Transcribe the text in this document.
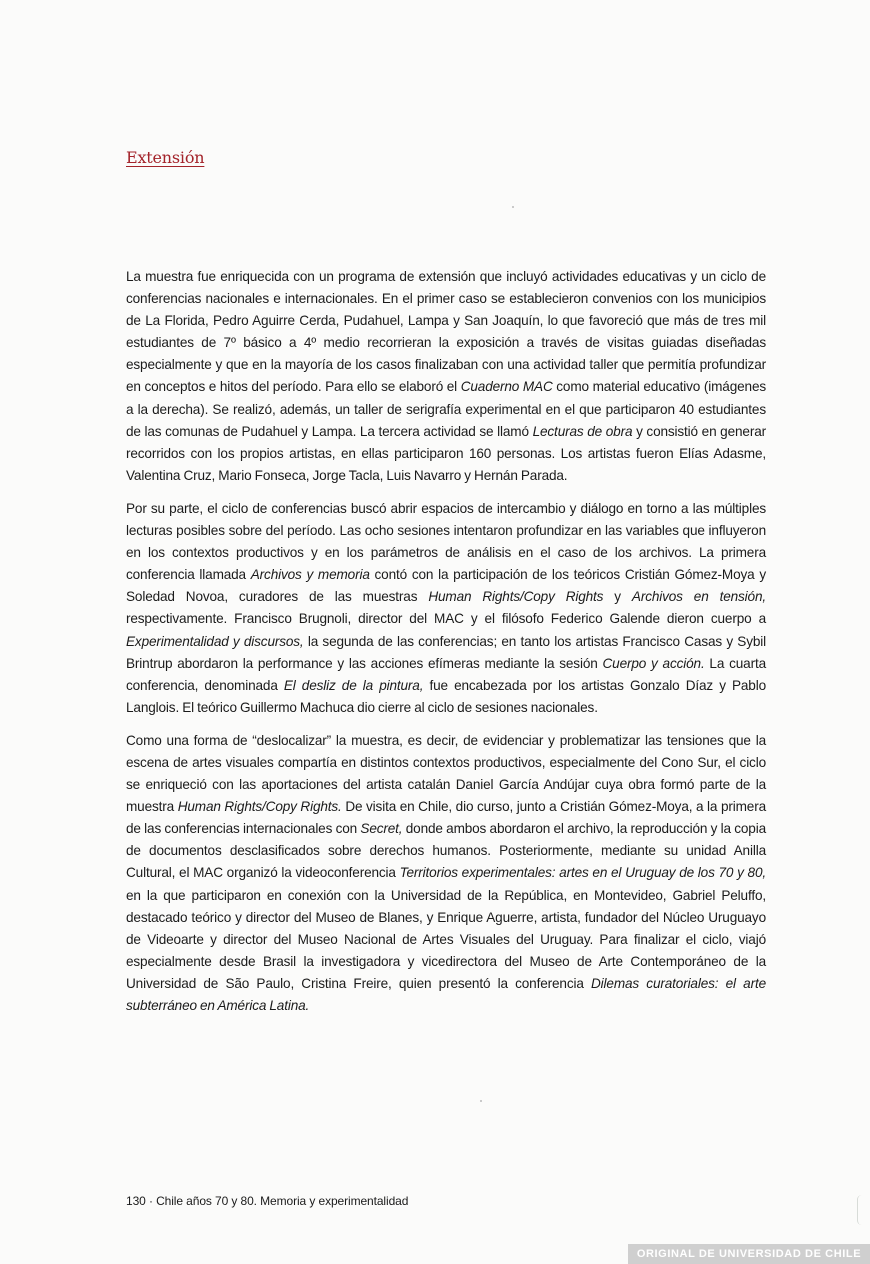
Extensión

La muestra fue enriquecida con un programa de extensión que incluyó actividades educativas y un ciclo de conferencias nacionales e internacionales. En el primer caso se establecieron convenios con los municipios de La Florida, Pedro Aguirre Cerda, Pudahuel, Lampa y San Joaquín, lo que favoreció que más de tres mil estudiantes de 7º básico a 4º medio recorrieran la exposición a través de visitas guiadas diseñadas especialmente y que en la mayoría de los casos finalizaban con una actividad taller que permitía profundizar en conceptos e hitos del período. Para ello se elaboró el Cuaderno MAC como material educativo (imágenes a la derecha). Se realizó, además, un taller de serigrafía experimental en el que participaron 40 estudiantes de las comunas de Pudahuel y Lampa. La tercera actividad se llamó Lecturas de obra y consistió en generar recorridos con los propios artistas, en ellas participaron 160 personas. Los artistas fueron Elías Adasme, Valentina Cruz, Mario Fonseca, Jorge Tacla, Luis Navarro y Hernán Parada.

Por su parte, el ciclo de conferencias buscó abrir espacios de intercambio y diálogo en torno a las múltiples lecturas posibles sobre del período. Las ocho sesiones intentaron profundizar en las variables que influyeron en los contextos productivos y en los parámetros de análisis en el caso de los archivos. La primera conferencia llamada Archivos y memoria contó con la participación de los teóricos Cristián Gómez-Moya y Soledad Novoa, curadores de las muestras Human Rights/Copy Rights y Archivos en tensión, respectivamente. Francisco Brugnoli, director del MAC y el filósofo Federico Galende dieron cuerpo a Experimentalidad y discursos, la segunda de las conferencias; en tanto los artistas Francisco Casas y Sybil Brintrup abordaron la performance y las acciones efímeras mediante la sesión Cuerpo y acción. La cuarta conferencia, denominada El desliz de la pintura, fue encabezada por los artistas Gonzalo Díaz y Pablo Langlois. El teórico Guillermo Machuca dio cierre al ciclo de sesiones nacionales.

Como una forma de “deslocalizar” la muestra, es decir, de evidenciar y problematizar las tensiones que la escena de artes visuales compartía en distintos contextos productivos, especialmente del Cono Sur, el ciclo se enriqueció con las aportaciones del artista catalán Daniel García Andújar cuya obra formó parte de la muestra Human Rights/Copy Rights. De visita en Chile, dio curso, junto a Cristián Gómez-Moya, a la primera de las conferencias internacionales con Secret, donde ambos abordaron el archivo, la reproducción y la copia de documentos desclasificados sobre derechos humanos. Posteriormente, mediante su unidad Anilla Cultural, el MAC organizó la videoconferencia Territorios experimentales: artes en el Uruguay de los 70 y 80, en la que participaron en conexión con la Universidad de la República, en Montevideo, Gabriel Peluffo, destacado teórico y director del Museo de Blanes, y Enrique Aguerre, artista, fundador del Núcleo Uruguayo de Videoarte y director del Museo Nacional de Artes Visuales del Uruguay. Para finalizar el ciclo, viajó especialmente desde Brasil la investigadora y vicedirectora del Museo de Arte Contemporáneo de la Universidad de São Paulo, Cristina Freire, quien presentó la conferencia Dilemas curatoriales: el arte subterráneo en América Latina.

130 · Chile años 70 y 80. Memoria y experimentalidad
ORIGINAL DE UNIVERSIDAD DE CHILE
